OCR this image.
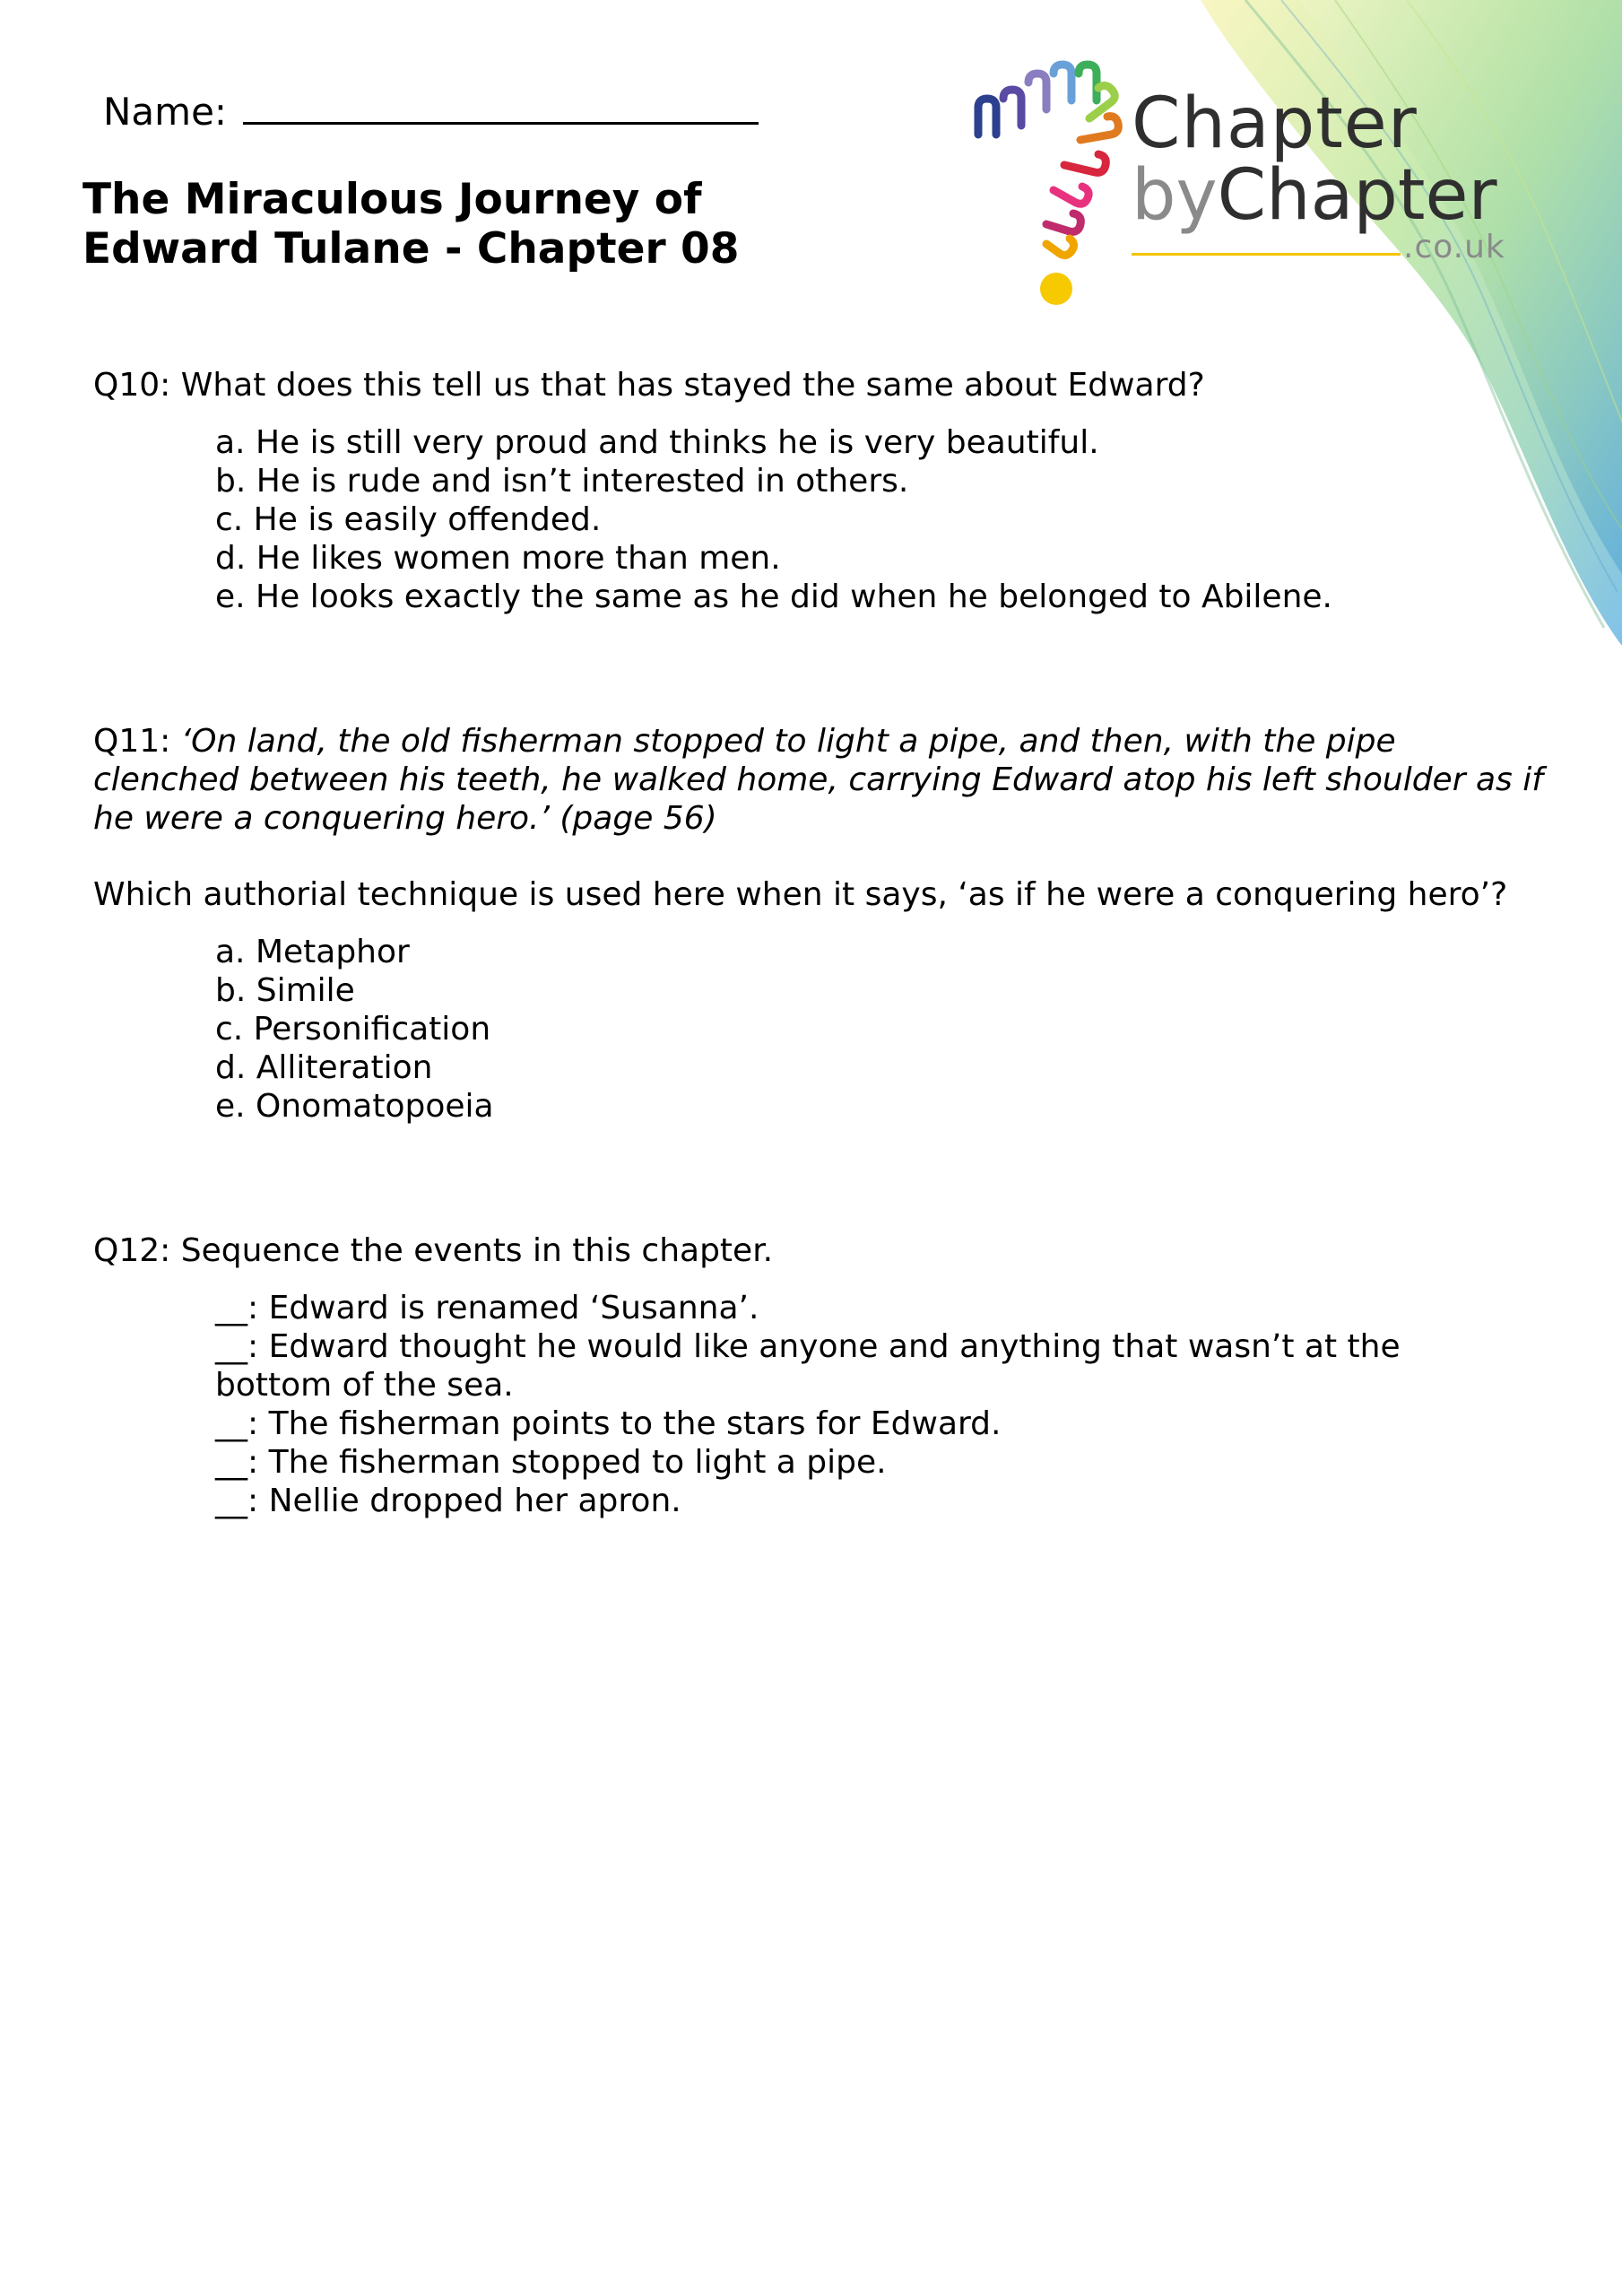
Name:
The Miraculous Journey of
Edward Tulane - Chapter 08
Chapter
byChapter
.co.uk

Q10: What does this tell us that has stayed the same about Edward?

a. He is still very proud and thinks he is very beautiful.
b. He is rude and isn’t interested in others.
c. He is easily offended.
d. He likes women more than men.
e. He looks exactly the same as he did when he belonged to Abilene.

Q11: ‘On land, the old fisherman stopped to light a pipe, and then, with the pipe clenched between his teeth, he walked home, carrying Edward atop his left shoulder as if he were a conquering hero.’ (page 56)

Which authorial technique is used here when it says, ‘as if he were a conquering hero’?

a. Metaphor
b. Simile
c. Personification
d. Alliteration
e. Onomatopoeia

Q12: Sequence the events in this chapter.

__: Edward is renamed ‘Susanna’.
__: Edward thought he would like anyone and anything that wasn’t at the bottom of the sea.
__: The fisherman points to the stars for Edward.
__: The fisherman stopped to light a pipe.
__: Nellie dropped her apron.
